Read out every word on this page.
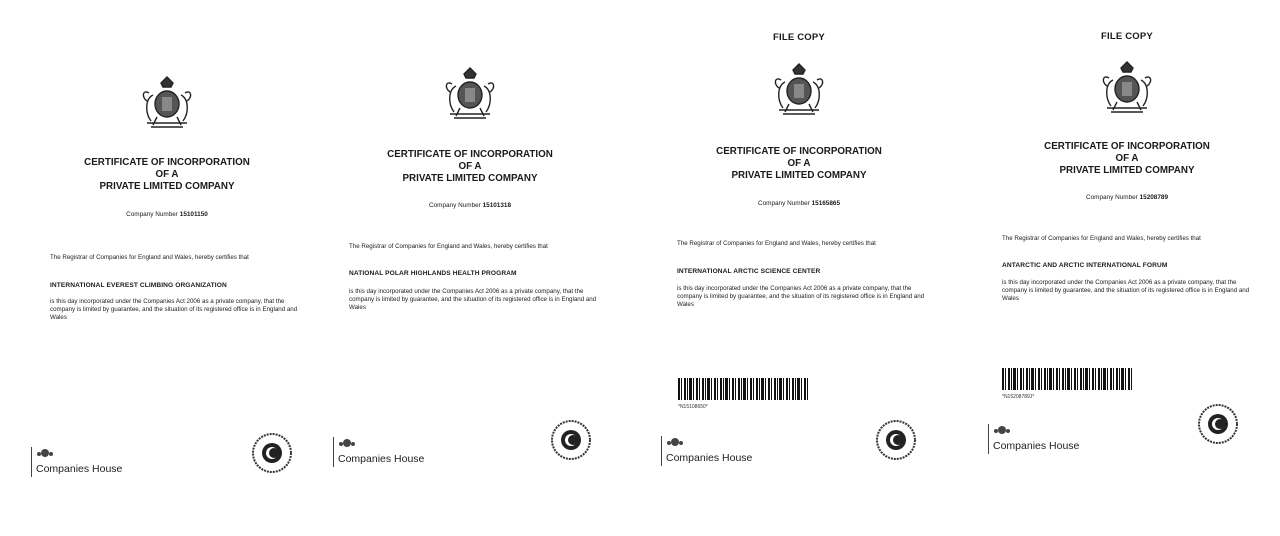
CERTIFICATE OF INCORPORATION
OF A
PRIVATE LIMITED COMPANY
Company Number 15101150
The Registrar of Companies for England and Wales, hereby certifies that
INTERNATIONAL EVEREST CLIMBING ORGANIZATION
is this day incorporated under the Companies Act 2006 as a private company, that the company is limited by guarantee, and the situation of its registered office is in England and Wales
Companies House
CERTIFICATE OF INCORPORATION
OF A
PRIVATE LIMITED COMPANY
Company Number 15101318
The Registrar of Companies for England and Wales, hereby certifies that
NATIONAL POLAR HIGHLANDS HEALTH PROGRAM
is this day incorporated under the Companies Act 2006 as a private company, that the company is limited by guarantee, and the situation of its registered office is in England and Wales
Companies House
FILE COPY
CERTIFICATE OF INCORPORATION
OF A
PRIVATE LIMITED COMPANY
Company Number 15165865
The Registrar of Companies for England and Wales, hereby certifies that
INTERNATIONAL ARCTIC SCIENCE CENTER
is this day incorporated under the Companies Act 2006 as a private company, that the company is limited by guarantee, and the situation of its registered office is in England and Wales
*N15108650*
Companies House
FILE COPY
CERTIFICATE OF INCORPORATION
OF A
PRIVATE LIMITED COMPANY
Company Number 15208789
The Registrar of Companies for England and Wales, hereby certifies that
ANTARCTIC AND ARCTIC INTERNATIONAL FORUM
is this day incorporated under the Companies Act 2006 as a private company, that the company is limited by guarantee, and the situation of its registered office is in England and Wales
*N15208789J*
Companies House
